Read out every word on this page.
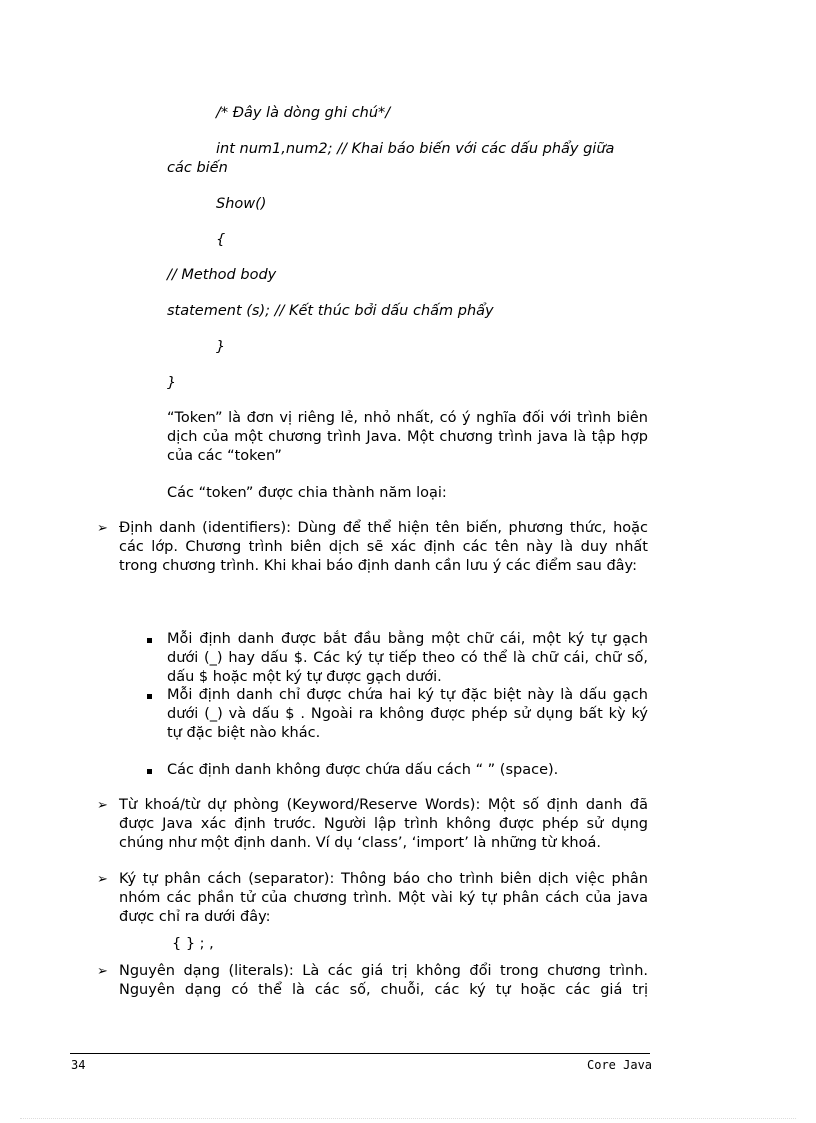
/* Đây là dòng ghi chú*/
int num1,num2; // Khai báo biến với các dấu phẩy giữa
các biến
Show()
{
// Method body
statement (s); // Kết thúc bởi dấu chấm phẩy
}
}
“Token” là đơn vị riêng lẻ, nhỏ nhất, có ý nghĩa đối với trình biên dịch của một chương trình Java. Một chương trình java là tập hợp của các “token”
Các “token” được chia thành năm loại:
➢ Định danh (identifiers): Dùng để thể hiện tên biến, phương thức, hoặc các lớp. Chương trình biên dịch sẽ xác định các tên này là duy nhất trong chương trình. Khi khai báo định danh cần lưu ý các điểm sau đây:
Mỗi định danh được bắt đầu bằng một chữ cái, một ký tự gạch dưới (_) hay dấu $. Các ký tự tiếp theo có thể là chữ cái, chữ số, dấu $ hoặc một ký tự được gạch dưới.
Mỗi định danh chỉ được chứa hai ký tự đặc biệt này là dấu gạch dưới (_) và dấu $ . Ngoài ra không được phép sử dụng bất kỳ ký tự đặc biệt nào khác.
Các định danh không được chứa dấu cách “ ” (space).
➢ Từ khoá/từ dự phòng (Keyword/Reserve Words): Một số định danh đã được Java xác định trước. Người lập trình không được phép sử dụng chúng như một định danh. Ví dụ ‘class’, ‘import’ là những từ khoá.
➢ Ký tự phân cách (separator): Thông báo cho trình biên dịch việc phân nhóm các phần tử của chương trình. Một vài ký tự phân cách của java được chỉ ra dưới đây:
{ } ; ,
➢ Nguyên dạng (literals): Là các giá trị không đổi trong chương trình. Nguyên dạng có thể là các số, chuỗi, các ký tự hoặc các giá trị
34	Core Java
